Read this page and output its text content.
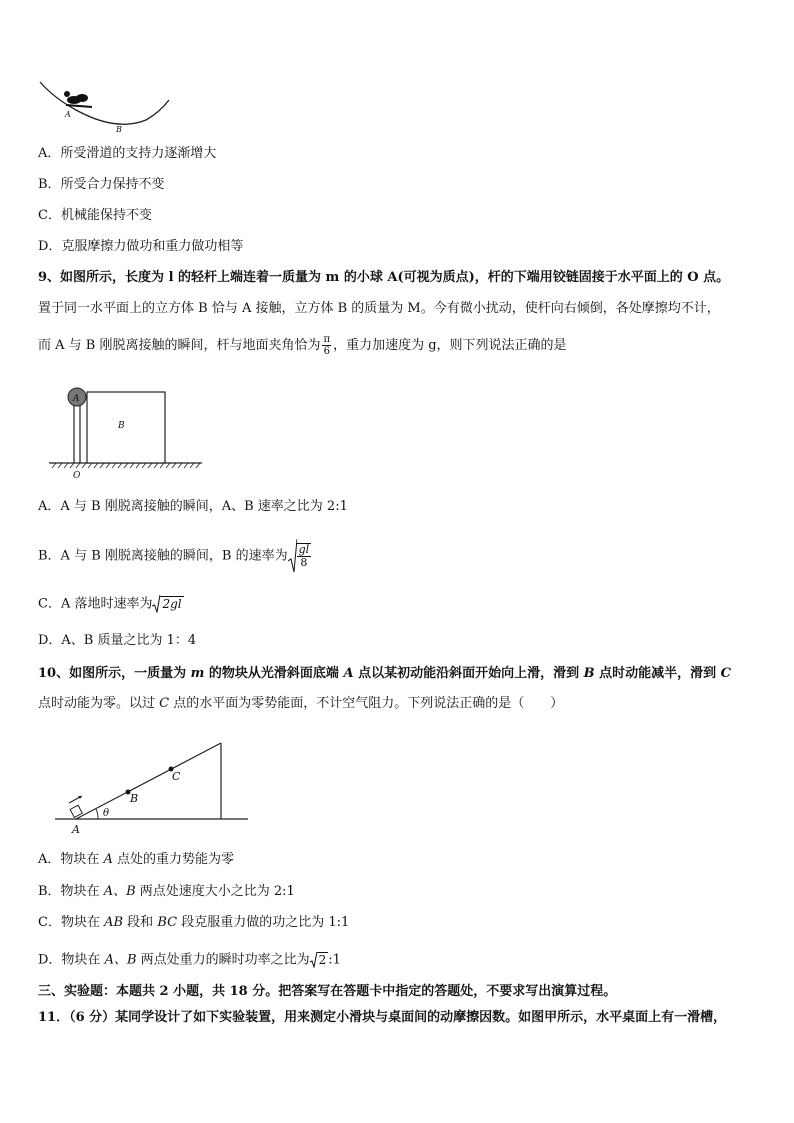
A
B
A．所受滑道的支持力逐渐增大
B．所受合力保持不变
C．机械能保持不变
D．克服摩擦力做功和重力做功相等
9、如图所示，长度为 l 的轻杆上端连着一质量为 m 的小球 A(可视为质点)，杆的下端用铰链固接于水平面上的 O 点。
置于同一水平面上的立方体 B 恰与 A 接触，立方体 B 的质量为 M。今有微小扰动，使杆向右倾倒，各处摩擦均不计，
而 A 与 B 刚脱离接触的瞬间，杆与地面夹角恰为 $\frac{\pi}{6}$ ，重力加速度为 g，则下列说法正确的是
A
B
O
A．A 与 B 刚脱离接触的瞬间，A、B 速率之比为 2:1
B．A 与 B 刚脱离接触的瞬间，B 的速率为 $\frac{gl}{8}$
C．A 落地时速率为 2gl
D．A、B 质量之比为 1：4
10、如图所示，一质量为 m 的物块从光滑斜面底端 A 点以某初动能沿斜面开始向上滑，滑到 B 点时动能减半，滑到 C
点时动能为零。以过 C 点的水平面为零势能面，不计空气阻力。下列说法正确的是（　　）
θ
A
B
C
A．物块在 A 点处的重力势能为零
B．物块在 A、B 两点处速度大小之比为 2:1
C．物块在 AB 段和 BC 段克服重力做的功之比为 1:1
D．物块在 A、B 两点处重力的瞬时功率之比为 2 :1
三、实验题：本题共 2 小题，共 18 分。把答案写在答题卡中指定的答题处，不要求写出演算过程。
11．（6 分）某同学设计了如下实验装置，用来测定小滑块与桌面间的动摩擦因数。如图甲所示，水平桌面上有一滑槽，
